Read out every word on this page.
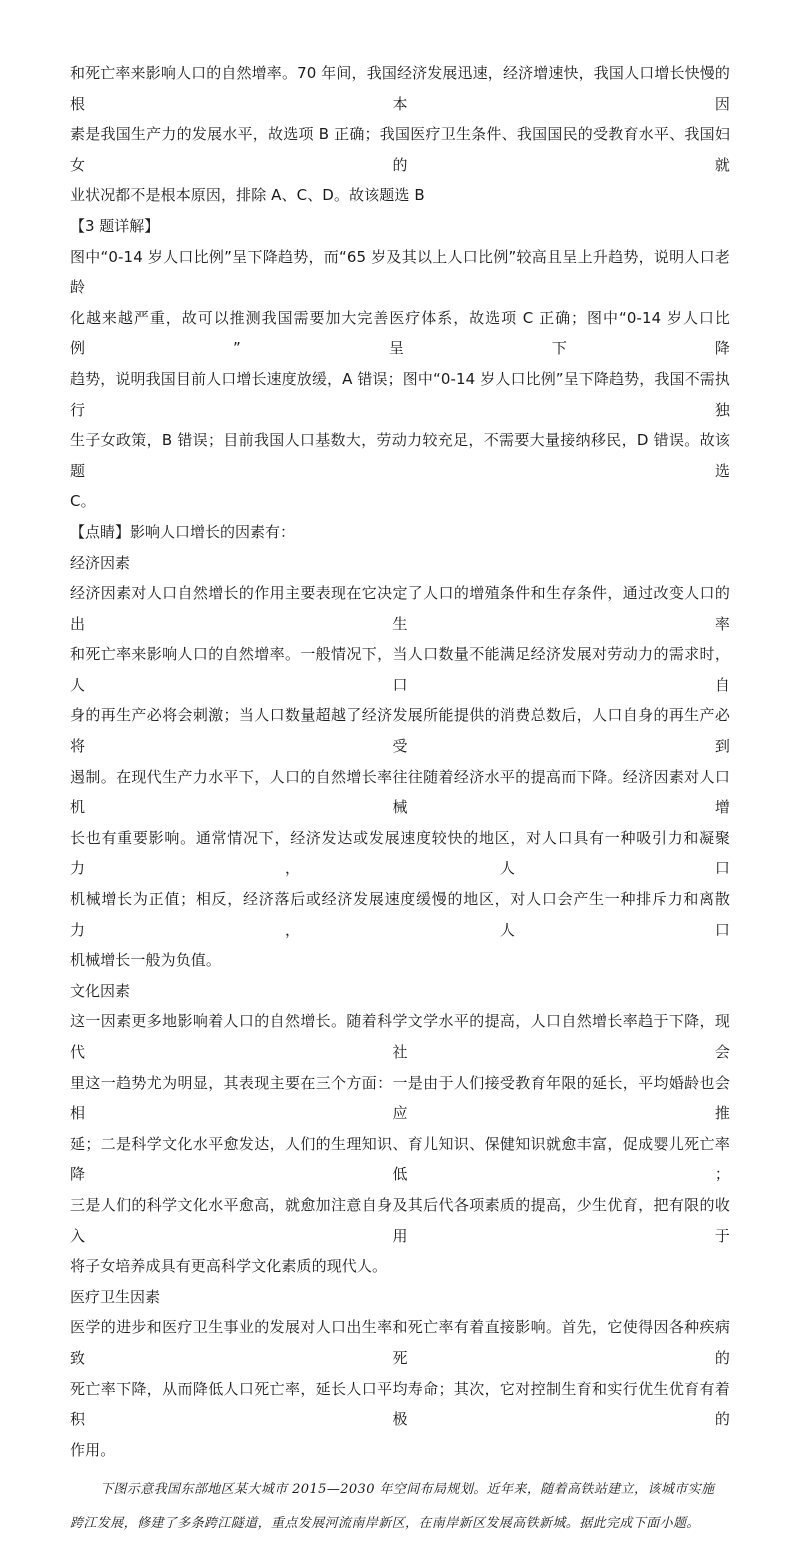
和死亡率来影响人口的自然增率。70 年间，我国经济发展迅速，经济增速快，我国人口增长快慢的根本因
素是我国生产力的发展水平，故选项 B 正确；我国医疗卫生条件、我国国民的受教育水平、我国妇女的就
业状况都不是根本原因，排除 A、C、D。故该题选 B
【3 题详解】
图中“0-14 岁人口比例”呈下降趋势，而“65 岁及其以上人口比例”较高且呈上升趋势，说明人口老龄
化越来越严重，故可以推测我国需要加大完善医疗体系，故选项 C 正确；图中“0-14 岁人口比例”呈下降
趋势，说明我国目前人口增长速度放缓，A 错误；图中“0-14 岁人口比例”呈下降趋势，我国不需执行独
生子女政策，B 错误；目前我国人口基数大，劳动力较充足，不需要大量接纳移民，D 错误。故该题选
C。
【点睛】影响人口增长的因素有：
经济因素
经济因素对人口自然增长的作用主要表现在它决定了人口的增殖条件和生存条件，通过改变人口的出生率
和死亡率来影响人口的自然增率。一般情况下，当人口数量不能满足经济发展对劳动力的需求时，人口自
身的再生产必将会刺激；当人口数量超越了经济发展所能提供的消费总数后，人口自身的再生产必将受到
遏制。在现代生产力水平下，人口的自然增长率往往随着经济水平的提高而下降。经济因素对人口机械增
长也有重要影响。通常情况下，经济发达或发展速度较快的地区，对人口具有一种吸引力和凝聚力，人口
机械增长为正值；相反，经济落后或经济发展速度缓慢的地区，对人口会产生一种排斥力和离散力，人口
机械增长一般为负值。
文化因素
这一因素更多地影响着人口的自然增长。随着科学文学水平的提高，人口自然增长率趋于下降，现代社会
里这一趋势尤为明显，其表现主要在三个方面：一是由于人们接受教育年限的延长，平均婚龄也会相应推
延；二是科学文化水平愈发达，人们的生理知识、育儿知识、保健知识就愈丰富，促成婴儿死亡率降低；
三是人们的科学文化水平愈高，就愈加注意自身及其后代各项素质的提高，少生优育，把有限的收入用于
将子女培养成具有更高科学文化素质的现代人。
医疗卫生因素
医学的进步和医疗卫生事业的发展对人口出生率和死亡率有着直接影响。首先，它使得因各种疾病致死的
死亡率下降，从而降低人口死亡率，延长人口平均寿命；其次，它对控制生育和实行优生优育有着积极的
作用。
下图示意我国东部地区某大城市 2015—2030 年空间布局规划。近年来，随着高铁站建立，该城市实施
跨江发展，修建了多条跨江隧道，重点发展河流南岸新区，在南岸新区发展高铁新城。据此完成下面小题。
